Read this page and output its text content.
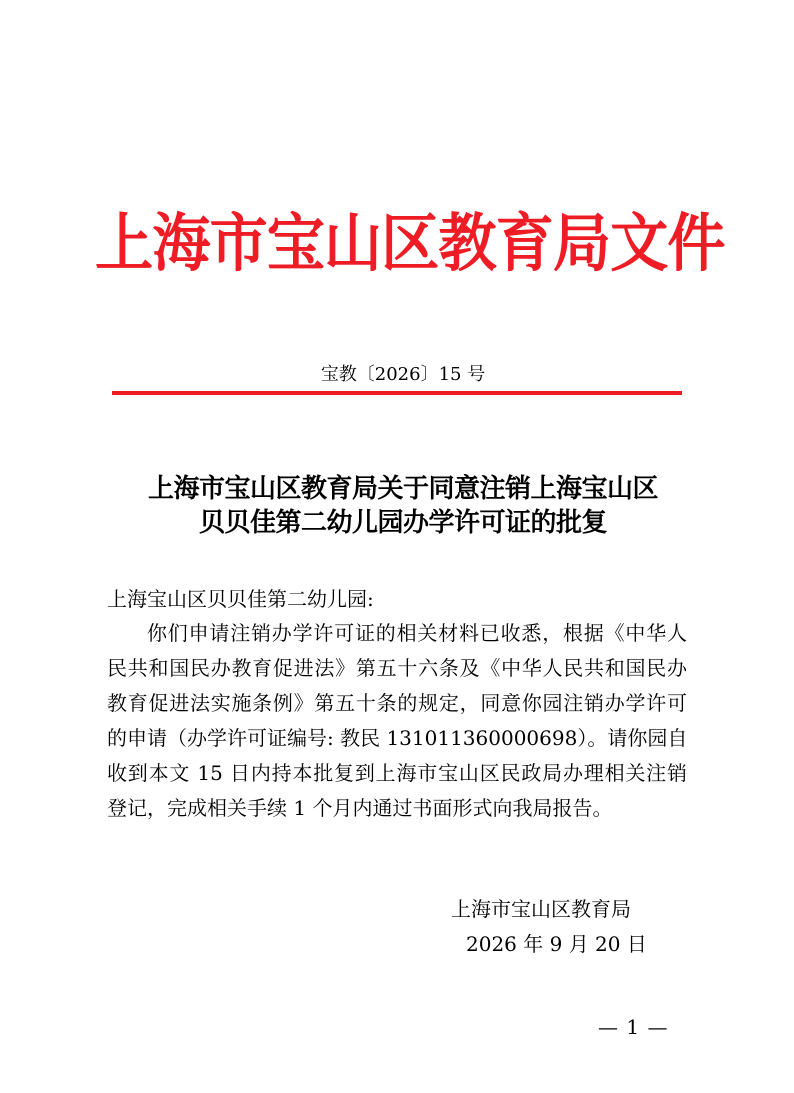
上海市宝山区教育局文件
宝教〔2026〕15 号
上海市宝山区教育局关于同意注销上海宝山区
贝贝佳第二幼儿园办学许可证的批复
上海宝山区贝贝佳第二幼儿园:
你们申请注销办学许可证的相关材料已收悉，根据《中华人
民共和国民办教育促进法》第五十六条及《中华人民共和国民办
教育促进法实施条例》第五十条的规定，同意你园注销办学许可
的申请（办学许可证编号: 教民 131011360000698）。请你园自
收到本文 15 日内持本批复到上海市宝山区民政局办理相关注销
登记，完成相关手续 1 个月内通过书面形式向我局报告。
上海市宝山区教育局
2026 年 9 月 20 日
— 1 —
